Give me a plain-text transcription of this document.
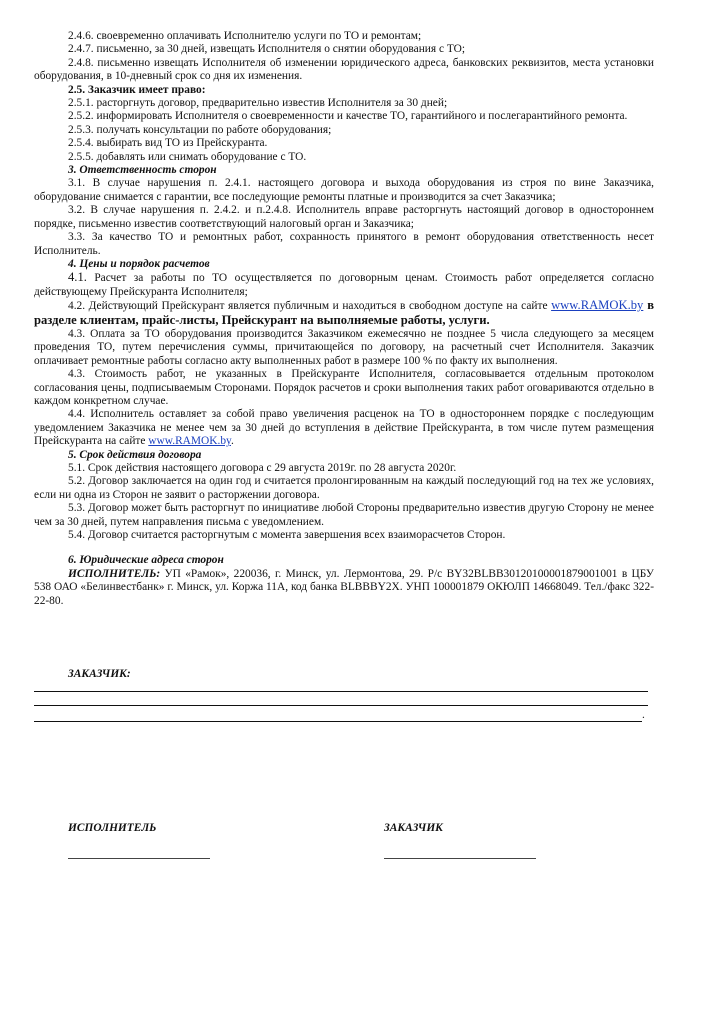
2.4.6. своевременно оплачивать Исполнителю услуги по ТО и ремонтам;

2.4.7. письменно, за 30 дней, извещать Исполнителя о снятии оборудования с ТО;

2.4.8. письменно извещать Исполнителя об изменении юридического адреса, банковских реквизитов, места установки оборудования, в 10-дневный срок со дня их изменения.

2.5. Заказчик имеет право:

2.5.1. расторгнуть договор, предварительно известив Исполнителя за 30 дней;

2.5.2. информировать Исполнителя о своевременности и качестве ТО, гарантийного и послегарантийного ремонта.

2.5.3. получать консультации по работе оборудования;

2.5.4. выбирать вид ТО из Прейскуранта.

2.5.5. добавлять или снимать оборудование с ТО.

3. Ответственность сторон

3.1. В случае нарушения п. 2.4.1. настоящего договора и выхода оборудования из строя по вине Заказчика, оборудование снимается с гарантии, все последующие ремонты платные и производится за счет Заказчика;

3.2. В случае нарушения п. 2.4.2. и п.2.4.8. Исполнитель вправе расторгнуть настоящий договор в одностороннем порядке, письменно известив соответствующий налоговый орган и Заказчика;

3.3. За качество ТО и ремонтных работ, сохранность принятого в ремонт оборудования ответственность несет Исполнитель.

4. Цены и порядок расчетов

4.1. Расчет за работы по ТО осуществляется по договорным ценам. Стоимость работ определяется согласно действующему Прейскуранта Исполнителя;

4.2. Действующий Прейскурант является публичным и находиться в свободном доступе на сайте www.RAMOK.by в разделе клиентам, прайс-листы, Прейскурант на выполняемые работы, услуги.

4.3. Оплата за ТО оборудования производится Заказчиком ежемесячно не позднее 5 числа следующего за месяцем проведения ТО, путем перечисления суммы, причитающейся по договору, на расчетный счет Исполнителя. Заказчик оплачивает ремонтные работы согласно акту выполненных работ в размере 100 % по факту их выполнения.

4.3. Стоимость работ, не указанных в Прейскуранте Исполнителя, согласовывается отдельным протоколом согласования цены, подписываемым Сторонами. Порядок расчетов и сроки выполнения таких работ оговариваются отдельно в каждом конкретном случае.

4.4. Исполнитель оставляет за собой право увеличения расценок на ТО в одностороннем порядке с последующим уведомлением Заказчика не менее чем за 30 дней до вступления в действие Прейскуранта, в том числе путем размещения Прейскуранта на сайте www.RAMOK.by.

5. Срок действия договора

5.1. Срок действия настоящего договора с 29 августа 2019г. по 28 августа 2020г.

5.2. Договор заключается на один год и считается пролонгированным на каждый последующий год на тех же условиях, если ни одна из Сторон не заявит о расторжении договора.

5.3. Договор может быть расторгнут по инициативе любой Стороны предварительно известив другую Сторону не менее чем за 30 дней, путем направления письма с уведомлением.

5.4. Договор считается расторгнутым с момента завершения всех взаиморасчетов Сторон.

6. Юридические адреса сторон

ИСПОЛНИТЕЛЬ: УП «Рамок», 220036, г. Минск, ул. Лермонтова, 29. Р/с BY32BLBB30120100001879001001 в ЦБУ 538 ОАО «Белинвестбанк» г. Минск, ул. Коржа 11А, код банка BLBBBY2X. УНП 100001879 ОКЮЛП 14668049. Тел./факс 322-22-80.

ЗАКАЗЧИК:
.
ИСПОЛНИТЕЛЬ	ЗАКАЗЧИК
